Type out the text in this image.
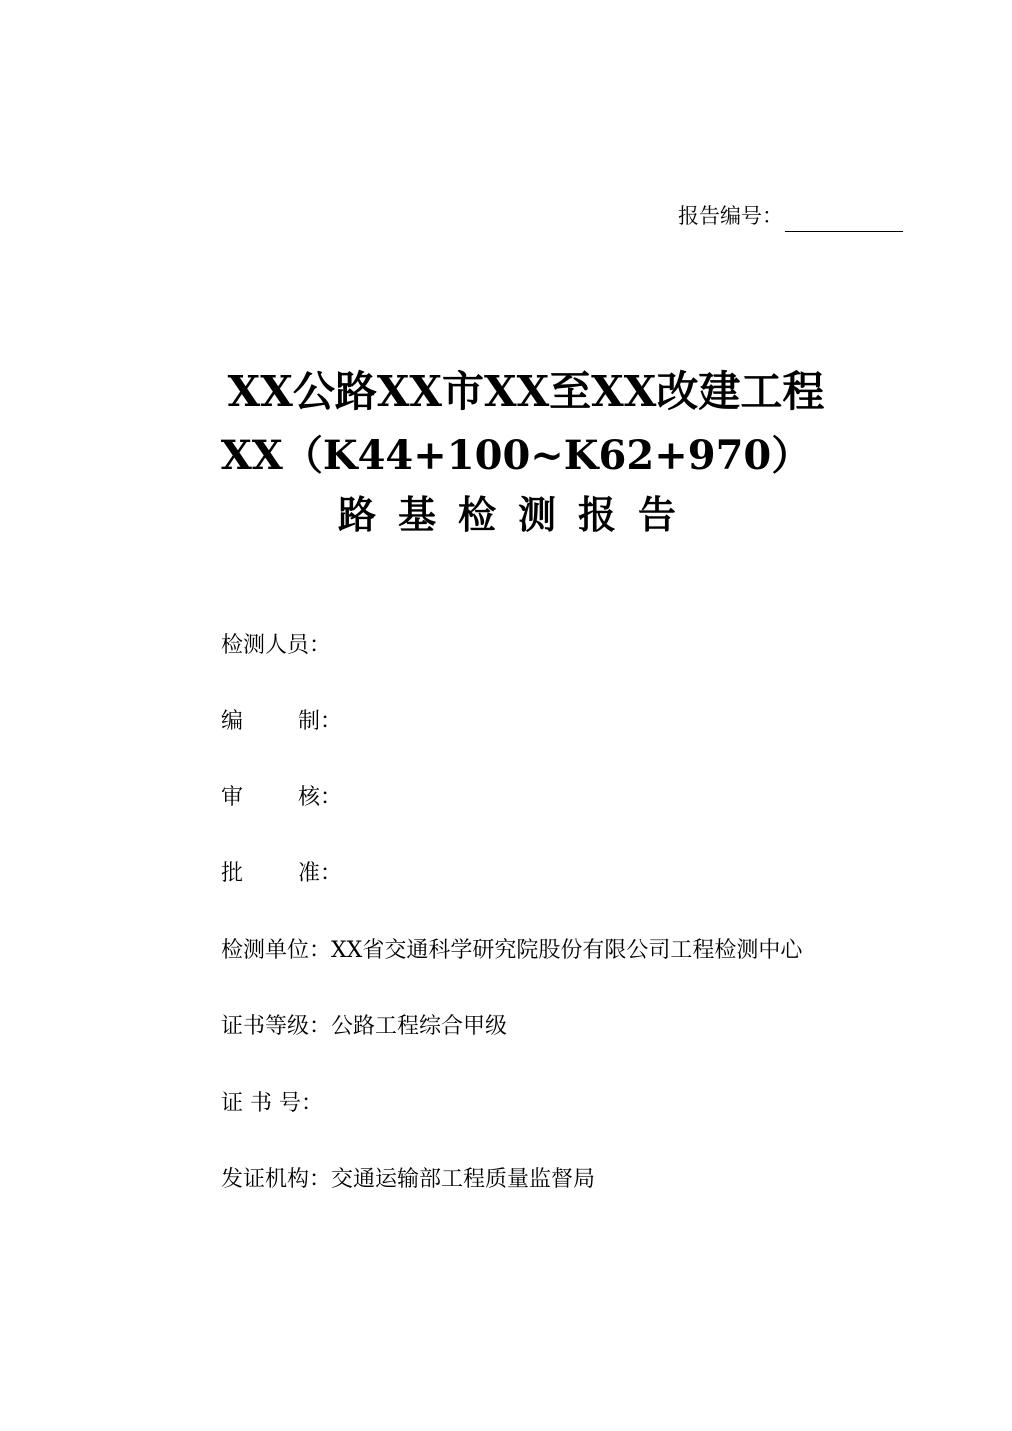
报告编号：
XX公路XX市XX至XX改建工程
XX（K44+100~K62+970）
路基检测报告
检测人员：
编	制：
审	核：
批	准：
检测单位：XX省交通科学研究院股份有限公司工程检测中心
证书等级：公路工程综合甲级
证 书 号：
发证机构：交通运输部工程质量监督局
